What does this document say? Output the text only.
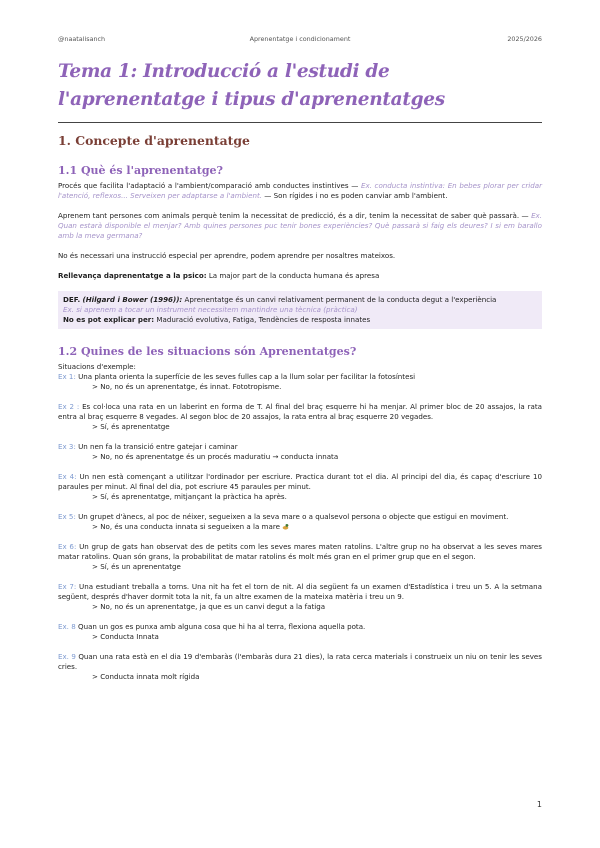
@naatalisanch	Aprenentatge i condicionament	2025/2026
Tema 1: Introducció a l'estudi de l'aprenentatge i tipus d'aprenentatges
1. Concepte d'aprenentatge
1.1 Què és l'aprenentatge?

Procés que facilita l'adaptació a l'ambient/comparació amb conductes instintives — Ex. conducta instintiva: En bebes plorar per cridar l'atenció, reflexos... Serveixen per adaptarse a l'ambient. — Son rígides i no es poden canviar amb l'ambient.

Aprenem tant persones com animals perquè tenim la necessitat de predicció, és a dir, tenim la necessitat de saber què passarà. — Ex. Quan estarà disponible el menjar? Amb quines persones puc tenir bones experiències? Què passarà si faig els deures? I si em barallo amb la meva germana?

No és necessari una instrucció especial per aprendre, podem aprendre per nosaltres mateixos.

Rellevança daprenentatge a la psico: La major part de la conducta humana és apresa

DEF. (Hilgard i Bower (1996)): Aprenentatge és un canvi relativament permanent de la conducta degut a l'experiència

Ex. si aprenem a tocar un instrument necessitem mantindre una tècnica (pràctica)

No es pot explicar per: Maduració evolutiva, Fatiga, Tendències de resposta innates

1.2 Quines de les situacions són Aprenentatges?

Situacions d'exemple:

Ex 1: Una planta orienta la superfície de les seves fulles cap a la llum solar per facilitar la fotosíntesi

> No, no és un aprenentatge, és innat. Fototropisme.

Ex 2 : Es col·loca una rata en un laberint en forma de T. Al final del braç esquerre hi ha menjar. Al primer bloc de 20 assajos, la rata entra al braç esquerre 8 vegades. Al segon bloc de 20 assajos, la rata entra al braç esquerre 20 vegades.

> Sí, és aprenentatge

Ex 3: Un nen fa la transició entre gatejar i caminar

> No, no és aprenentatge és un procés maduratiu → conducta innata

Ex 4: Un nen està començant a utilitzar l'ordinador per escriure. Practica durant tot el dia. Al principi del dia, és capaç d'escriure 10 paraules per minut. Al final del dia, pot escriure 45 paraules per minut.

> Sí, és aprenentatge, mitjançant la pràctica ha après.

Ex 5: Un grupet d'ànecs, al poc de néixer, segueixen a la seva mare o a qualsevol persona o objecte que estigui en moviment.

> No, és una conducta innata si segueixen a la mare

Ex 6: Un grup de gats han observat des de petits com les seves mares maten ratolins. L'altre grup no ha observat a les seves mares matar ratolins. Quan són grans, la probabilitat de matar ratolins és molt més gran en el primer grup que en el segon.

> Sí, és un aprenentatge

Ex 7: Una estudiant treballa a torns. Una nit ha fet el torn de nit. Al dia següent fa un examen d'Estadística i treu un 5. A la setmana següent, després d'haver dormit tota la nit, fa un altre examen de la mateixa matèria i treu un 9.

> No, no és un aprenentatge, ja que es un canvi degut a la fatiga

Ex. 8 Quan un gos es punxa amb alguna cosa que hi ha al terra, flexiona aquella pota.

> Conducta Innata

Ex. 9 Quan una rata està en el dia 19 d'embaràs (l'embaràs dura 21 dies), la rata cerca materials i construeix un niu on tenir les seves cries.

> Conducta innata molt rígida

1
